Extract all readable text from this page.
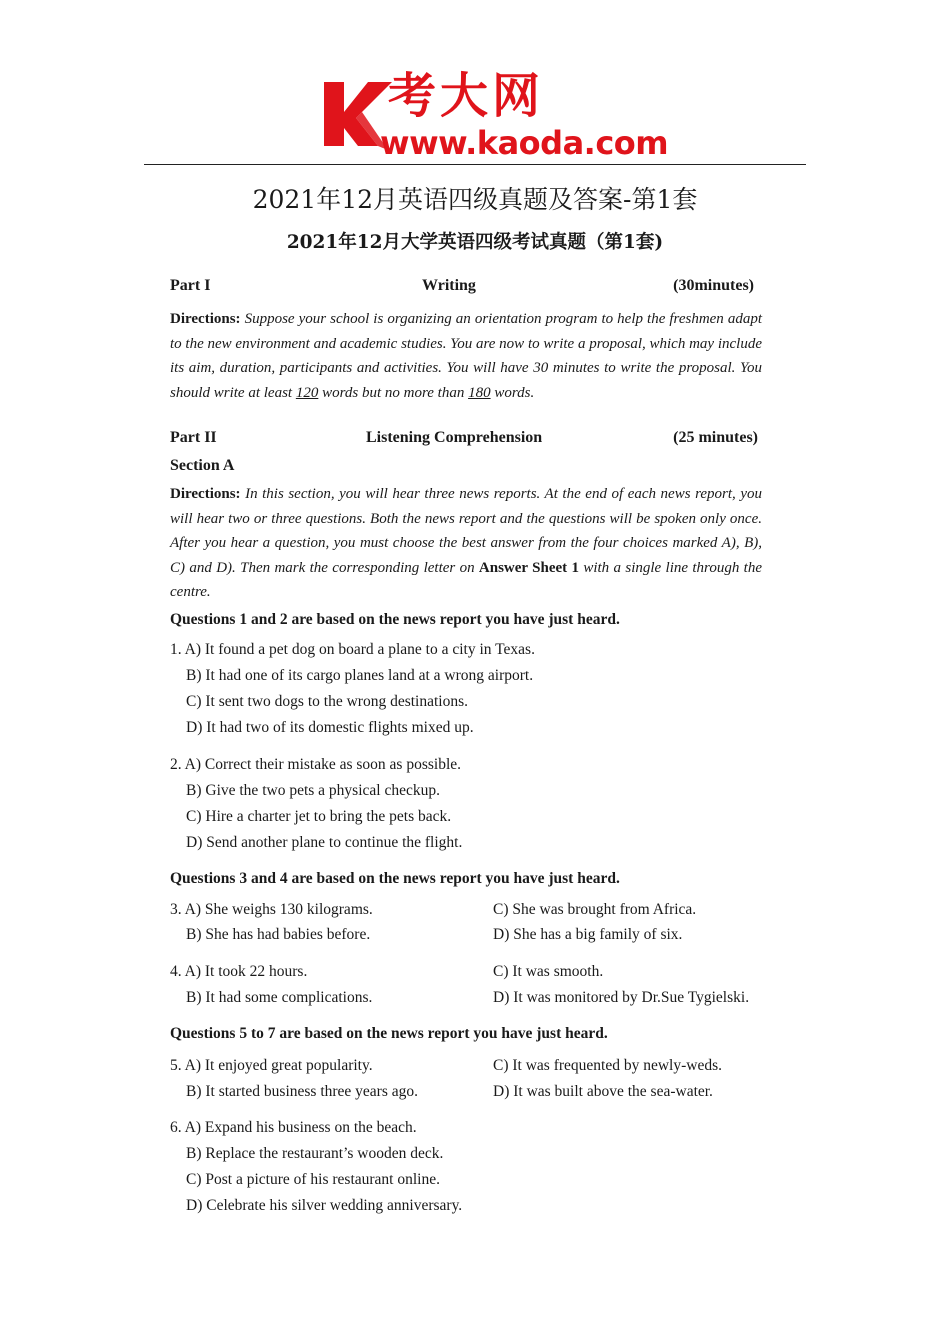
考大网
www.kaoda.com
2021年12月英语四级真题及答案-第1套
2021年12月大学英语四级考试真题（第1套)
Part I	Writing	(30minutes)
Directions: Suppose your school is organizing an orientation program to help the freshmen adapt to the new environment and academic studies. You are now to write a proposal, which may include its aim, duration, participants and activities. You will have 30 minutes to write the proposal. You should write at least 120 words but no more than 180 words.
Part II	Listening Comprehension	(25 minutes)
Section A
Directions: In this section, you will hear three news reports. At the end of each news report, you will hear two or three questions. Both the news report and the questions will be spoken only once. After you hear a question, you must choose the best answer from the four choices marked A), B), C) and D). Then mark the corresponding letter on Answer Sheet 1 with a single line through the centre.
Questions 1 and 2 are based on the news report you have just heard.
1. A) It found a pet dog on board a plane to a city in Texas.
B) It had one of its cargo planes land at a wrong airport.
C) It sent two dogs to the wrong destinations.
D) It had two of its domestic flights mixed up.
2. A) Correct their mistake as soon as possible.
B) Give the two pets a physical checkup.
C) Hire a charter jet to bring the pets back.
D) Send another plane to continue the flight.
Questions 3 and 4 are based on the news report you have just heard.
3. A) She weighs 130 kilograms.	C) She was brought from Africa.
B) She has had babies before.	D) She has a big family of six.
4. A) It took 22 hours.	C) It was smooth.
B) It had some complications.	D) It was monitored by Dr.Sue Tygielski.
Questions 5 to 7 are based on the news report you have just heard.
5. A) It enjoyed great popularity.	C) It was frequented by newly-weds.
B) It started business three years ago.	D) It was built above the sea-water.
6. A) Expand his business on the beach.
B) Replace the restaurant’s wooden deck.
C) Post a picture of his restaurant online.
D) Celebrate his silver wedding anniversary.
